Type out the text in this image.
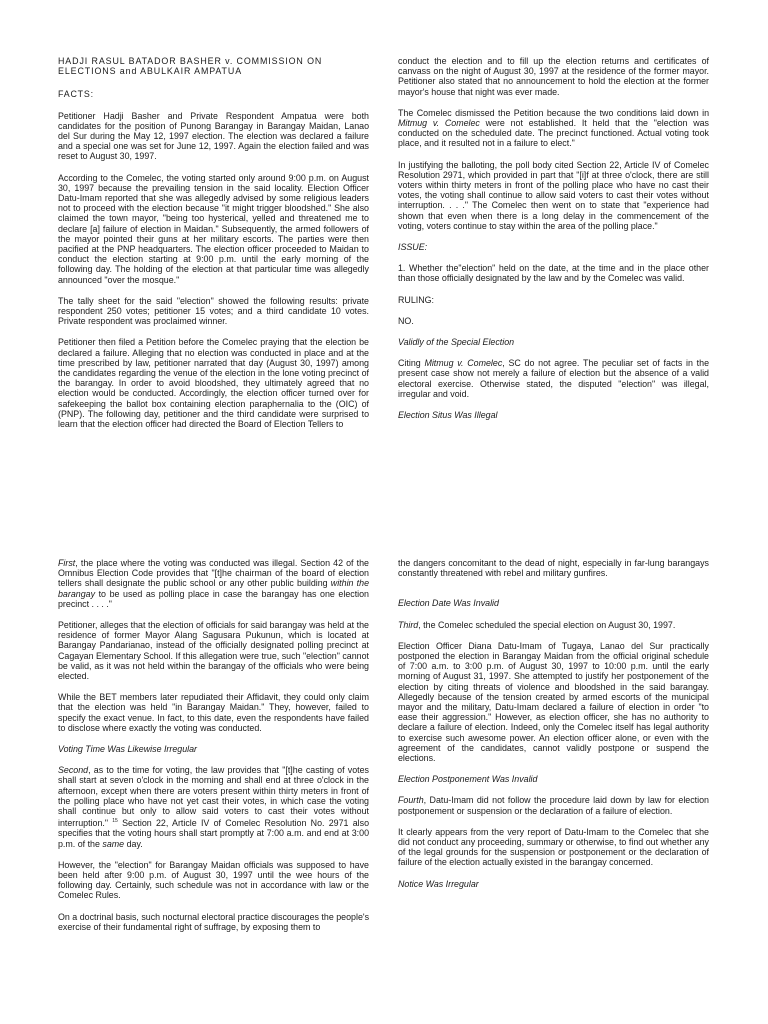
HADJI RASUL BATADOR BASHER v. COMMISSION ON ELECTIONS and ABULKAIR AMPATUA

FACTS:

Petitioner Hadji Basher and Private Respondent Ampatua were both candidates for the position of Punong Barangay in Barangay Maidan, Lanao del Sur during the May 12, 1997 election. The election was declared a failure and a special one was set for June 12, 1997. Again the election failed and was reset to August 30, 1997.

According to the Comelec, the voting started only around 9:00 p.m. on August 30, 1997 because the prevailing tension in the said locality. Election Officer Datu-Imam reported that she was allegedly advised by some religious leaders not to proceed with the election because "it might trigger bloodshed." She also claimed the town mayor, "being too hysterical, yelled and threatened me to declare [a] failure of election in Maidan." Subsequently, the armed followers of the mayor pointed their guns at her military escorts. The parties were then pacified at the PNP headquarters. The election officer proceeded to Maidan to conduct the election starting at 9:00 p.m. until the early morning of the following day. The holding of the election at that particular time was allegedly announced "over the mosque."

The tally sheet for the said "election" showed the following results: private respondent 250 votes; petitioner 15 votes; and a third candidate 10 votes. Private respondent was proclaimed winner.

Petitioner then filed a Petition before the Comelec praying that the election be declared a failure. Alleging that no election was conducted in place and at the time prescribed by law, petitioner narrated that day (August 30, 1997) among the candidates regarding the venue of the election in the lone voting precinct of the barangay. In order to avoid bloodshed, they ultimately agreed that no election would be conducted. Accordingly, the election officer turned over for safekeeping the ballot box containing election paraphernalia to the (OIC) of (PNP). The following day, petitioner and the third candidate were surprised to learn that the election officer had directed the Board of Election Tellers to

conduct the election and to fill up the election returns and certificates of canvass on the night of August 30, 1997 at the residence of the former mayor. Petitioner also stated that no announcement to hold the election at the former mayor's house that night was ever made.

The Comelec dismissed the Petition because the two conditions laid down in Mitmug v. Comelec were not established. It held that the "election was conducted on the scheduled date. The precinct functioned. Actual voting took place, and it resulted not in a failure to elect."

In justifying the balloting, the poll body cited Section 22, Article IV of Comelec Resolution 2971, which provided in part that "[i]f at three o'clock, there are still voters within thirty meters in front of the polling place who have no cast their votes, the voting shall continue to allow said voters to cast their votes without interruption. . . ." The Comelec then went on to state that "experience had shown that even when there is a long delay in the commencement of the voting, voters continue to stay within the area of the polling place."

ISSUE:

1. Whether the"election" held on the date, at the time and in the place other than those officially designated by the law and by the Comelec was valid.

RULING:

NO.

Validly of the Special Election

Citing Mitmug v. Comelec, SC do not agree. The peculiar set of facts in the present case show not merely a failure of election but the absence of a valid electoral exercise. Otherwise stated, the disputed "election" was illegal, irregular and void.

Election Situs Was Illegal

First, the place where the voting was conducted was illegal. Section 42 of the Omnibus Election Code provides that "[t]he chairman of the board of election tellers shall designate the public school or any other public building within the barangay to be used as polling place in case the barangay has one election precinct . . . ."

Petitioner, alleges that the election of officials for said barangay was held at the residence of former Mayor Alang Sagusara Pukunun, which is located at Barangay Pandarianao, instead of the officially designated polling precinct at Cagayan Elementary School. If this allegation were true, such "election" cannot be valid, as it was not held within the barangay of the officials who were being elected.

While the BET members later repudiated their Affidavit, they could only claim that the election was held "in Barangay Maidan." They, however, failed to specify the exact venue. In fact, to this date, even the respondents have failed to disclose where exactly the voting was conducted.

Voting Time Was Likewise Irregular

Second, as to the time for voting, the law provides that "[t]he casting of votes shall start at seven o'clock in the morning and shall end at three o'clock in the afternoon, except when there are voters present within thirty meters in front of the polling place who have not yet cast their votes, in which case the voting shall continue but only to allow said voters to cast their votes without interruption." $^{15}$ Section 22, Article IV of Comelec Resolution No. 2971 also specifies that the voting hours shall start promptly at 7:00 a.m. and end at 3:00 p.m. of the same day.

However, the "election" for Barangay Maidan officials was supposed to have been held after 9:00 p.m. of August 30, 1997 until the wee hours of the following day. Certainly, such schedule was not in accordance with law or the Comelec Rules.

On a doctrinal basis, such nocturnal electoral practice discourages the people's exercise of their fundamental right of suffrage, by exposing them to

the dangers concomitant to the dead of night, especially in far-lung barangays constantly threatened with rebel and military gunfires.

Election Date Was Invalid

Third, the Comelec scheduled the special election on August 30, 1997.

Election Officer Diana Datu-Imam of Tugaya, Lanao del Sur practically postponed the election in Barangay Maidan from the official original schedule of 7:00 a.m. to 3:00 p.m. of August 30, 1997 to 10:00 p.m. until the early morning of August 31, 1997. She attempted to justify her postponement of the election by citing threats of violence and bloodshed in the said barangay. Allegedly because of the tension created by armed escorts of the municipal mayor and the military, Datu-Imam declared a failure of election in order "to ease their aggression." However, as election officer, she has no authority to declare a failure of election. Indeed, only the Comelec itself has legal authority to exercise such awesome power. An election officer alone, or even with the agreement of the candidates, cannot validly postpone or suspend the elections.

Election Postponement Was Invalid

Fourth, Datu-Imam did not follow the procedure laid down by law for election postponement or suspension or the declaration of a failure of election.

It clearly appears from the very report of Datu-Imam to the Comelec that she did not conduct any proceeding, summary or otherwise, to find out whether any of the legal grounds for the suspension or postponement or the declaration of failure of the election actually existed in the barangay concerned.

Notice Was Irregular
